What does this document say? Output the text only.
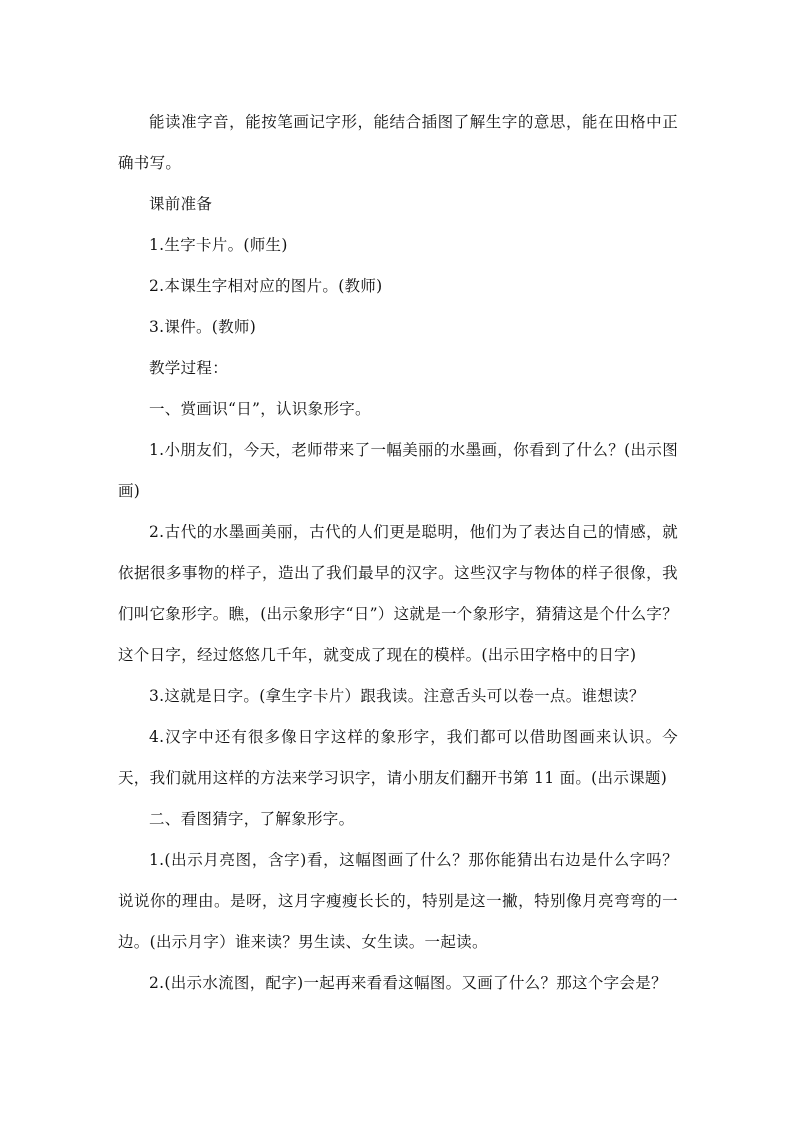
能读准字音，能按笔画记字形，能结合插图了解生字的意思，能在田格中正确书写。

课前准备

1.生字卡片。(师生)

2.本课生字相对应的图片。(教师)

3.课件。(教师)

教学过程：

一、赏画识“日”，认识象形字。

1.小朋友们，今天，老师带来了一幅美丽的水墨画，你看到了什么？(出示图画)

2.古代的水墨画美丽，古代的人们更是聪明，他们为了表达自己的情感，就依据很多事物的样子，造出了我们最早的汉字。这些汉字与物体的样子很像，我们叫它象形字。瞧，(出示象形字“日”）这就是一个象形字，猜猜这是个什么字？这个日字，经过悠悠几千年，就变成了现在的模样。(出示田字格中的日字)

3.这就是日字。(拿生字卡片）跟我读。注意舌头可以卷一点。谁想读？

4.汉字中还有很多像日字这样的象形字，我们都可以借助图画来认识。今天，我们就用这样的方法来学习识字，请小朋友们翻开书第 11 面。(出示课题)

二、看图猜字，了解象形字。

1.(出示月亮图，含字)看，这幅图画了什么？那你能猜出右边是什么字吗？说说你的理由。是呀，这月字瘦瘦长长的，特别是这一撇，特别像月亮弯弯的一边。(出示月字）谁来读？男生读、女生读。一起读。

2.(出示水流图，配字)一起再来看看这幅图。又画了什么？那这个字会是？
